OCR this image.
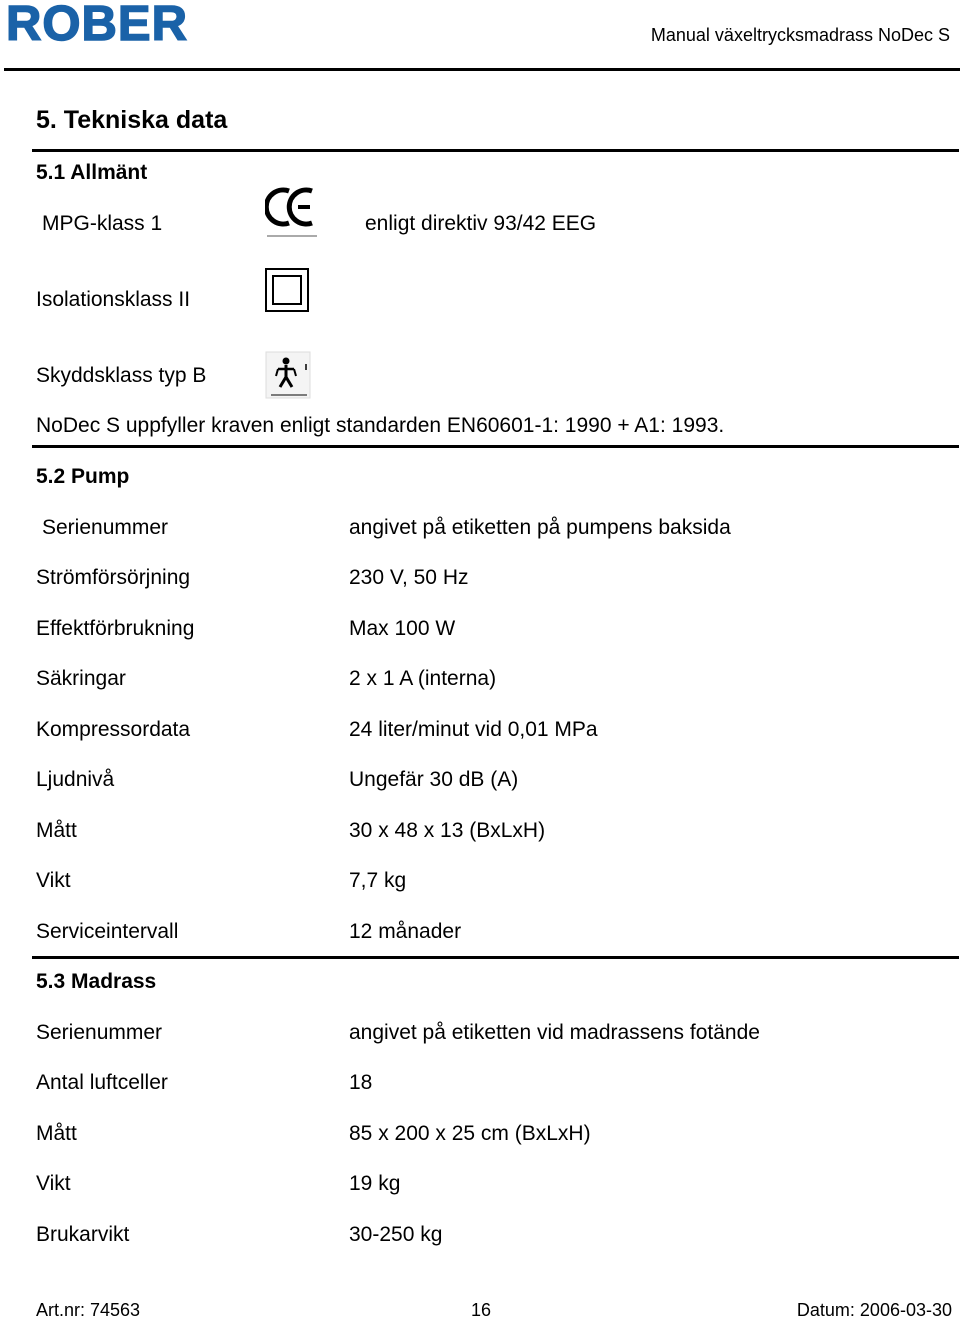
ROBER	Manual växeltrycksmadrass NoDec S
5. Tekniska data
5.1 Allmänt
MPG-klass 1	enligt direktiv 93/42 EEG
Isolationsklass II
Skyddsklass typ B
NoDec S uppfyller kraven enligt standarden EN60601-1: 1990 + A1: 1993.
5.2 Pump
Serienummer	angivet på etiketten på pumpens baksida
Strömförsörjning	230 V, 50 Hz
Effektförbrukning	Max 100 W
Säkringar	2 x 1 A (interna)
Kompressordata	24 liter/minut vid 0,01 MPa
Ljudnivå	Ungefär 30 dB (A)
Mått	30 x 48 x 13 (BxLxH)
Vikt	7,7 kg
Serviceintervall	12 månader
5.3 Madrass
Serienummer	angivet på etiketten vid madrassens fotände
Antal luftceller	18
Mått	85 x 200 x 25 cm (BxLxH)
Vikt	19 kg
Brukarvikt	30-250 kg
Art.nr: 74563	16	Datum: 2006-03-30
